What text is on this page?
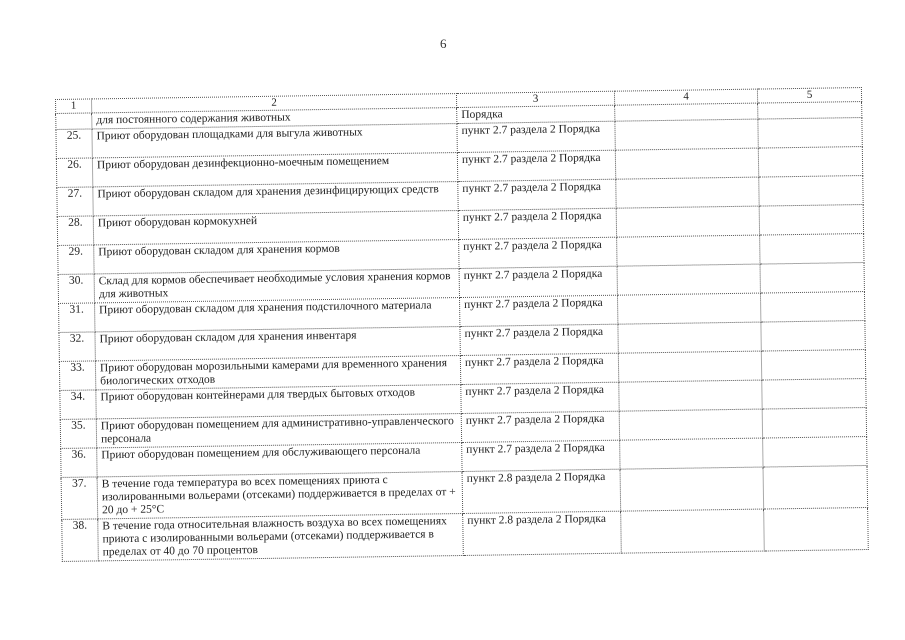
6
1	2	3	4	5
	для постоянного содержания животных	Порядка		
25.	Приют оборудован площадками для выгула животных	пункт 2.7 раздела 2 Порядка		
26.	Приют оборудован дезинфекционно-моечным помещением	пункт 2.7 раздела 2 Порядка		
27.	Приют оборудован складом для хранения дезинфицирующих средств	пункт 2.7 раздела 2 Порядка		
28.	Приют оборудован кормокухней	пункт 2.7 раздела 2 Порядка		
29.	Приют оборудован складом для хранения кормов	пункт 2.7 раздела 2 Порядка		
30.	Склад для кормов обеспечивает необходимые условия хранения кормов для животных	пункт 2.7 раздела 2 Порядка		
31.	Приют оборудован складом для хранения подстилочного материала	пункт 2.7 раздела 2 Порядка		
32.	Приют оборудован складом для хранения инвентаря	пункт 2.7 раздела 2 Порядка		
33.	Приют оборудован морозильными камерами для временного хранения биологических отходов	пункт 2.7 раздела 2 Порядка		
34.	Приют оборудован контейнерами для твердых бытовых отходов	пункт 2.7 раздела 2 Порядка		
35.	Приют оборудован помещением для административно-управленческого персонала	пункт 2.7 раздела 2 Порядка		
36.	Приют оборудован помещением для обслуживающего персонала	пункт 2.7 раздела 2 Порядка		
37.	В течение года температура во всех помещениях приюта с изолированными вольерами (отсеками) поддерживается в пределах от + 20 до + 25°C	пункт 2.8 раздела 2 Порядка		
38.	В течение года относительная влажность воздуха во всех помещениях приюта с изолированными вольерами (отсеками) поддерживается в пределах от 40 до 70 процентов	пункт 2.8 раздела 2 Порядка		
